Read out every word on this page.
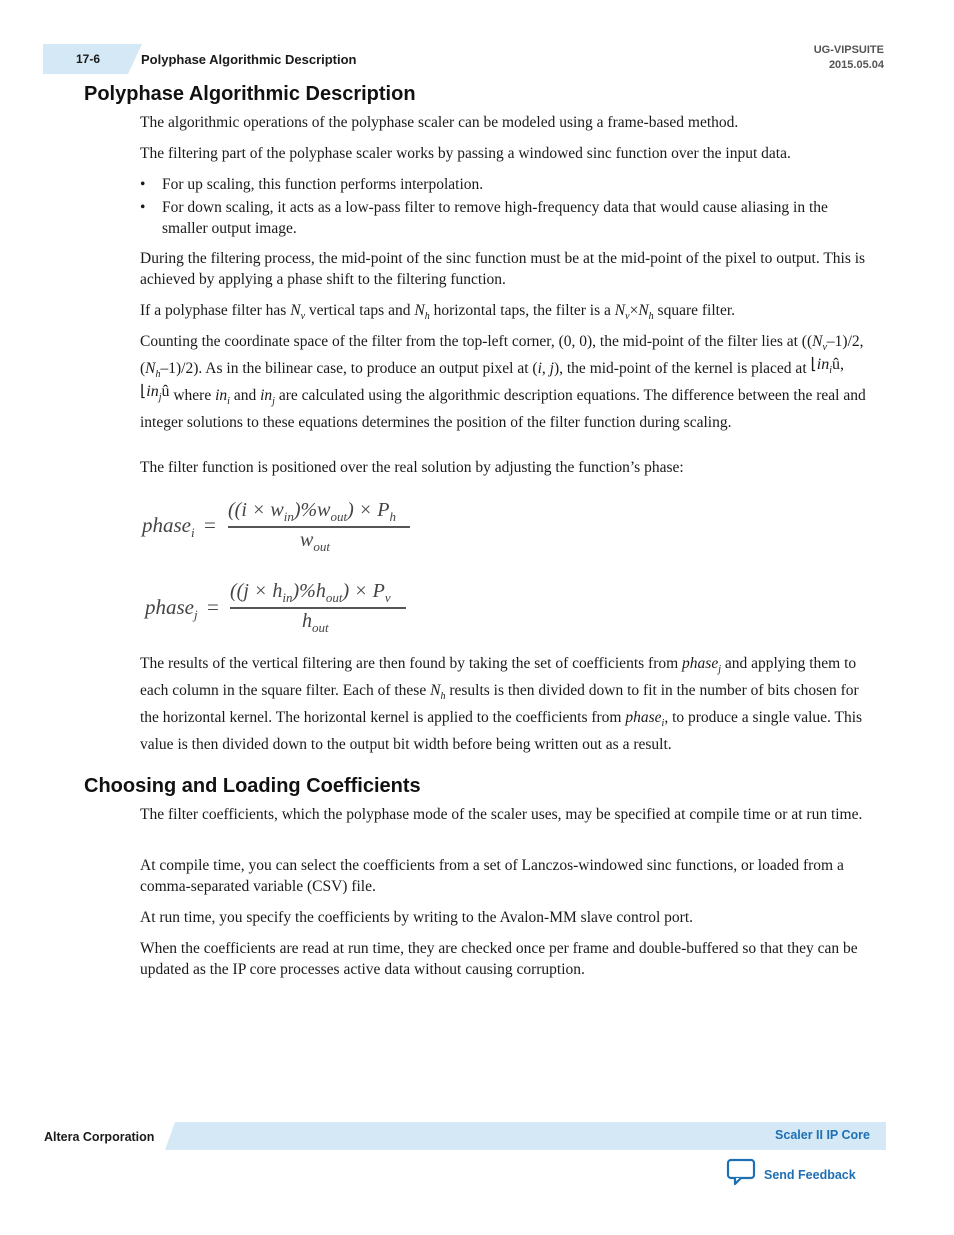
17-6	Polyphase Algorithmic Description
UG-VIPSUITE
2015.05.04
Polyphase Algorithmic Description

The algorithmic operations of the polyphase scaler can be modeled using a frame-based method.

The filtering part of the polyphase scaler works by passing a windowed sinc function over the input data.

• For up scaling, this function performs interpolation.
• For down scaling, it acts as a low-pass filter to remove high-frequency data that would cause aliasing in the smaller output image.

During the filtering process, the mid-point of the sinc function must be at the mid-point of the pixel to output. This is achieved by applying a phase shift to the filtering function.

If a polyphase filter has $N_v$ vertical taps and $N_h$ horizontal taps, the filter is a $N_v\times N_h$ square filter.

Counting the coordinate space of the filter from the top-left corner, (0, 0), the mid-point of the filter lies at ($(N_v-1)/2$, $(N_h-1)/2$). As in the bilinear case, to produce an output pixel at (i, j), the mid-point of the kernel is placed at $⌊in_iû$, $⌊in_jû$ where $in_i$ and $in_j$ are calculated using the algorithmic description equations. The difference between the real and integer solutions to these equations determines the position of the filter function during scaling.

The filter function is positioned over the real solution by adjusting the function’s phase:

phase$_i$ =
$((i \times w_{in})\%w_{out}) \times P_h$
$w_{out}$
phase$_j$ =
$((j \times h_{in})\%h_{out}) \times P_v$
$h_{out}$

The results of the vertical filtering are then found by taking the set of coefficients from phase$_j$ and applying them to each column in the square filter. Each of these $N_h$ results is then divided down to fit in the number of bits chosen for the horizontal kernel. The horizontal kernel is applied to the coefficients from phase$_i$, to produce a single value. This value is then divided down to the output bit width before being written out as a result.

Choosing and Loading Coefficients

The filter coefficients, which the polyphase mode of the scaler uses, may be specified at compile time or at run time.

At compile time, you can select the coefficients from a set of Lanczos-windowed sinc functions, or loaded from a comma-separated variable (CSV) file.

At run time, you specify the coefficients by writing to the Avalon-MM slave control port.

When the coefficients are read at run time, they are checked once per frame and double-buffered so that they can be updated as the IP core processes active data without causing corruption.

Altera Corporation	Scaler II IP Core
Send Feedback
